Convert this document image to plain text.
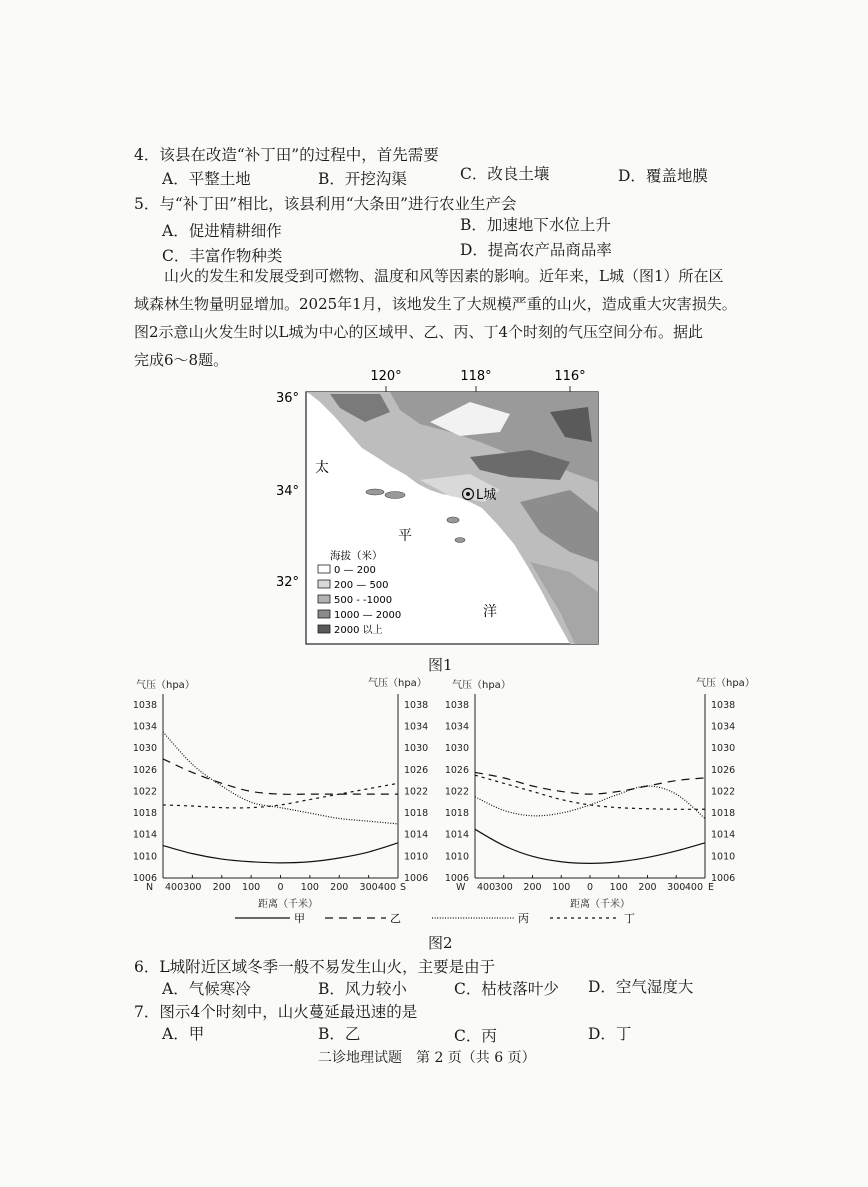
4．该县在改造“补丁田”的过程中，首先需要
A．平整土地	B．开挖沟渠	C．改良土壤	D．覆盖地膜
5．与“补丁田”相比，该县利用“大条田”进行农业生产会
A．促进精耕细作	B．加速地下水位上升
C．丰富作物种类	D．提高农产品商品率
山火的发生和发展受到可燃物、温度和风等因素的影响。近年来，L城（图1）所在区
域森林生物量明显增加。2025年1月，该地发生了大规模严重的山火，造成重大灾害损失。
图2示意山火发生时以L城为中心的区域甲、乙、丙、丁4个时刻的气压空间分布。据此
完成6～8题。
120°	118°	116°
36°
34°
32°
L城
太
平
洋
海拔（米）
0 — 200
200 — 500
500 - -1000
1000 — 2000
2000 以上
图1
气压（hpa）	气压（hpa）	气压（hpa）	气压（hpa）
N	S
1006	1006
1010	1010
1014	1014
1018	1018
1022	1022
1026	1026
1030	1030
1034	1034
1038	1038
300 200 100 0 100 200 300
400	400	W	E
1006	1006
1010	1010
1014	1014
1018	1018
1022	1022
1026	1026
1030	1030
1034	1034
1038	1038
300 200 100 0 100 200 300
400	400
距离（千米）	距离（千米）
甲	乙	丙	丁
图2
6．L城附近区域冬季一般不易发生山火，主要是由于
A．气候寒冷	B．风力较小	C．枯枝落叶少 D．空气湿度大
7．图示4个时刻中，山火蔓延最迅速的是
A．甲	B．乙	C．丙	D．丁
二诊地理试题　第 2 页（共 6 页）
